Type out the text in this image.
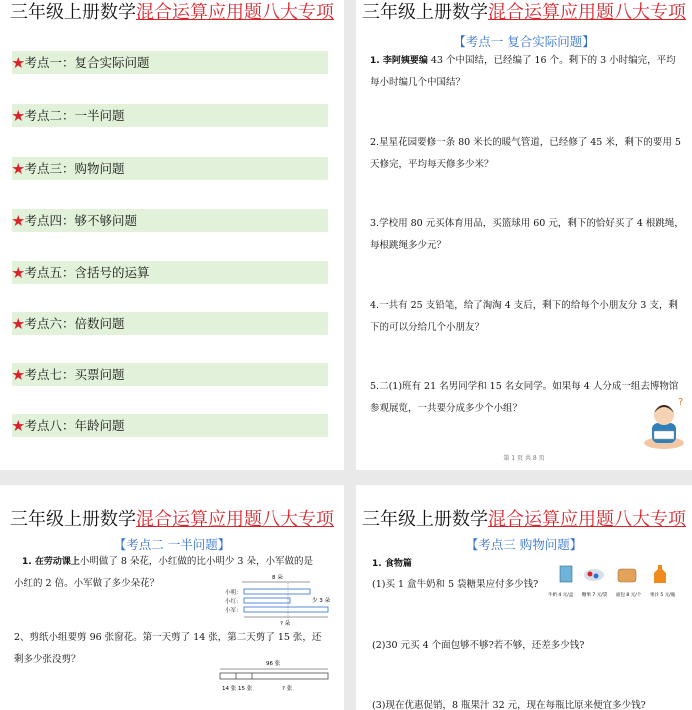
三年级上册数学混合运算应用题八大专项
★考点一：复合实际问题
★考点二：一半问题
★考点三：购物问题
★考点四：够不够问题
★考点五：含括号的运算
★考点六：倍数问题
★考点七：买票问题
★考点八：年龄问题
三年级上册数学混合运算应用题八大专项
【考点一 复合实际问题】
1. 李阿姨要编 43 个中国结，已经编了 16 个。剩下的 3 小时编完，平均
每小时编几个中国结？
2.星星花园要修一条 80 米长的暖气管道，已经修了 45 米，剩下的要用 5
天修完，平均每天修多少米？
3.学校用 80 元买体育用品，买篮球用 60 元，剩下的恰好买了 4 根跳绳，
每根跳绳多少元？
4.一共有 25 支铅笔，给了淘淘 4 支后，剩下的给每个小朋友分 3 支，剩
下的可以分给几个小朋友？
5.二(1)班有 21 名男同学和 15 名女同学。如果每 4 人分成一组去博物馆
参观展览，一共要分成多少个小组？
?
第 1 页 共 8 页
三年级上册数学混合运算应用题八大专项
【考点二 一半问题】
1. 在劳动课上小明做了 8 朵花，小红做的比小明少 3 朵，小军做的是
小红的 2 倍。小军做了多少朵花？	8 朵
小明：
小红：
小军：
少 3 朵
? 朵
2、剪纸小组要剪 96 张窗花。第一天剪了 14 张，第二天剪了 15 张，还
剩多少张没剪？	96 张
14 张 15 张	? 张
三年级上册数学混合运算应用题八大专项
【考点三 购物问题】
1. 食物篇
(1)买 1 盒牛奶和 5 袋糖果应付多少钱?
牛奶 4 元/盒 糖果 7 元/袋 面包 8 元/个 果汁 5 元/瓶
(2)30 元买 4 个面包够不够?若不够，还差多少钱?
(3)现在优惠促销，8 瓶果汁 32 元，现在每瓶比原来便宜多少钱?
